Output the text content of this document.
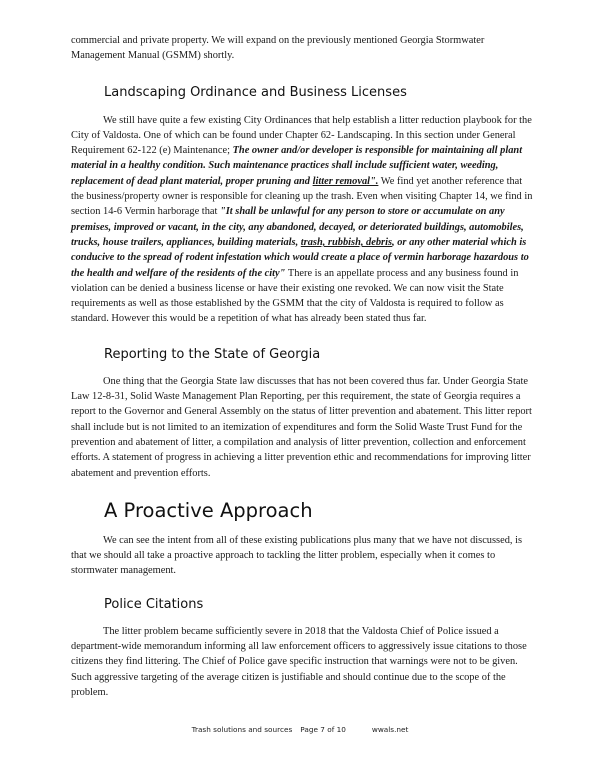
commercial and private property. We will expand on the previously mentioned Georgia Stormwater Management Manual (GSMM) shortly.

Landscaping Ordinance and Business Licenses

We still have quite a few existing City Ordinances that help establish a litter reduction playbook for the City of Valdosta. One of which can be found under Chapter 62- Landscaping. In this section under General Requirement 62-122 (e) Maintenance; The owner and/or developer is responsible for maintaining all plant material in a healthy condition. Such maintenance practices shall include sufficient water, weeding, replacement of dead plant material, proper pruning and litter removal". We find yet another reference that the business/property owner is responsible for cleaning up the trash. Even when visiting Chapter 14, we find in section 14-6 Vermin harborage that "It shall be unlawful for any person to store or accumulate on any premises, improved or vacant, in the city, any abandoned, decayed, or deteriorated buildings, automobiles, trucks, house trailers, appliances, building materials, trash, rubbish, debris, or any other material which is conducive to the spread of rodent infestation which would create a place of vermin harborage hazardous to the health and welfare of the residents of the city" There is an appellate process and any business found in violation can be denied a business license or have their existing one revoked. We can now visit the State requirements as well as those established by the GSMM that the city of Valdosta is required to follow as standard. However this would be a repetition of what has already been stated thus far.

Reporting to the State of Georgia

One thing that the Georgia State law discusses that has not been covered thus far. Under Georgia State Law 12-8-31, Solid Waste Management Plan Reporting, per this requirement, the state of Georgia requires a report to the Governor and General Assembly on the status of litter prevention and abatement. This litter report shall include but is not limited to an itemization of expenditures and form the Solid Waste Trust Fund for the prevention and abatement of litter, a compilation and analysis of litter prevention, collection and enforcement efforts. A statement of progress in achieving a litter prevention ethic and recommendations for improving litter abatement and prevention efforts.

A Proactive Approach

We can see the intent from all of these existing publications plus many that we have not discussed, is that we should all take a proactive approach to tackling the litter problem, especially when it comes to stormwater management.

Police Citations

The litter problem became sufficiently severe in 2018 that the Valdosta Chief of Police issued a department-wide memorandum informing all law enforcement officers to aggressively issue citations to those citizens they find littering. The Chief of Police gave specific instruction that warnings were not to be given. Such aggressive targeting of the average citizen is justifiable and should continue due to the scope of the problem.

Trash solutions and sources Page 7 of 10	wwals.net
